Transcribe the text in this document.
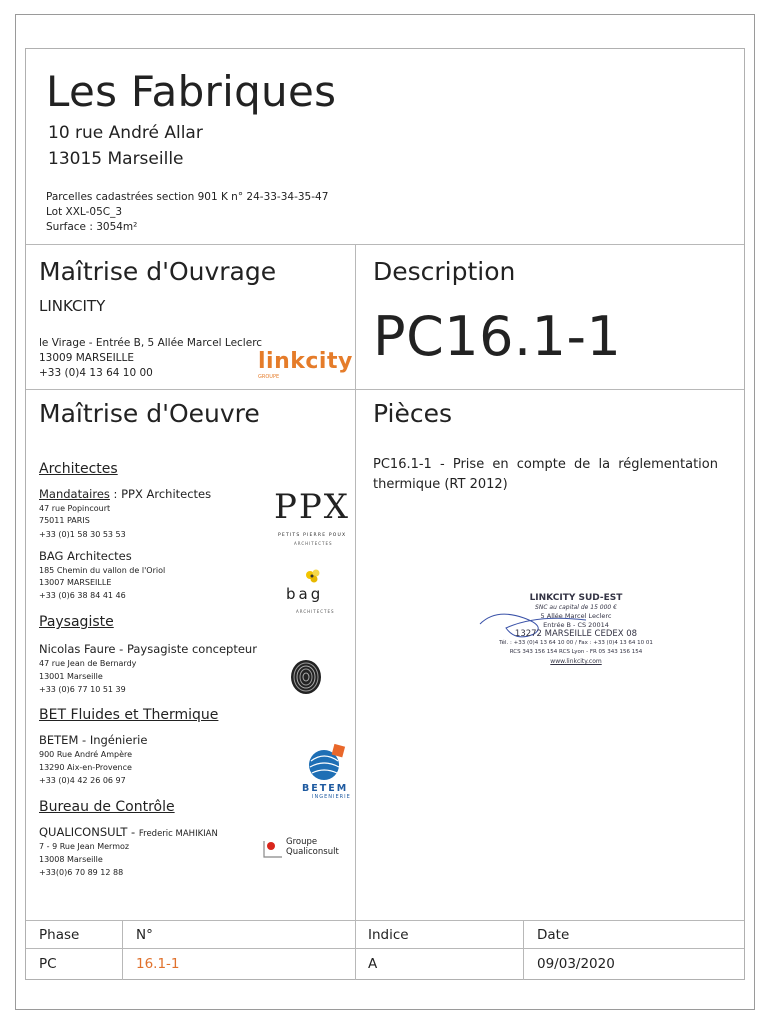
Les Fabriques
10 rue André Allar
13015 Marseille
Parcelles cadastrées section 901 K n° 24-33-34-35-47
Lot XXL-05C_3
Surface : 3054m²
Maîtrise d'Ouvrage
LINKCITY
le Virage - Entrée B, 5 Allée Marcel Leclerc
13009 MARSEILLE
+33 (0)4 13 64 10 00	linkcity
GROUPE
Description
PC16.1-1
Maîtrise d'Oeuvre
Architectes
Mandataires : PPX Architectes
47 rue Popincourt
75011 PARIS
+33 (0)1 58 30 53 53
PPX
PETITS PIERRE POUX
ARCHITECTES
BAG Architectes
185 Chemin du vallon de l'Oriol
13007 MARSEILLE
+33 (0)6 38 84 41 46	bag
ARCHITECTES
Paysagiste
Nicolas Faure - Paysagiste concepteur
47 rue Jean de Bernardy
13001 Marseille
+33 (0)6 77 10 51 39
BET Fluides et Thermique
BETEM - Ingénierie
900 Rue André Ampère
13290 Aix-en-Provence
+33 (0)4 42 26 06 97
BETEM
INGENIERIE
Bureau de Contrôle
QUALICONSULT - Frederic MAHIKIAN
7 - 9 Rue Jean Mermoz
13008 Marseille
+33(0)6 70 89 12 88
Groupe
Qualiconsult
Pièces
PC16.1-1 - Prise en compte de la réglementation thermique (RT 2012)
LINKCITY SUD-EST
SNC au capital de 15 000 €
5 Allée Marcel Leclerc
Entrée B - CS 20014
13272 MARSEILLE CEDEX 08
Tél. : +33 (0)4 13 64 10 00 / Fax : +33 (0)4 13 64 10 01
RCS 343 156 154 RCS Lyon - FR 05 343 156 154
www.linkcity.com
Phase	N°	Indice	Date
PC	16.1-1	A	09/03/2020
